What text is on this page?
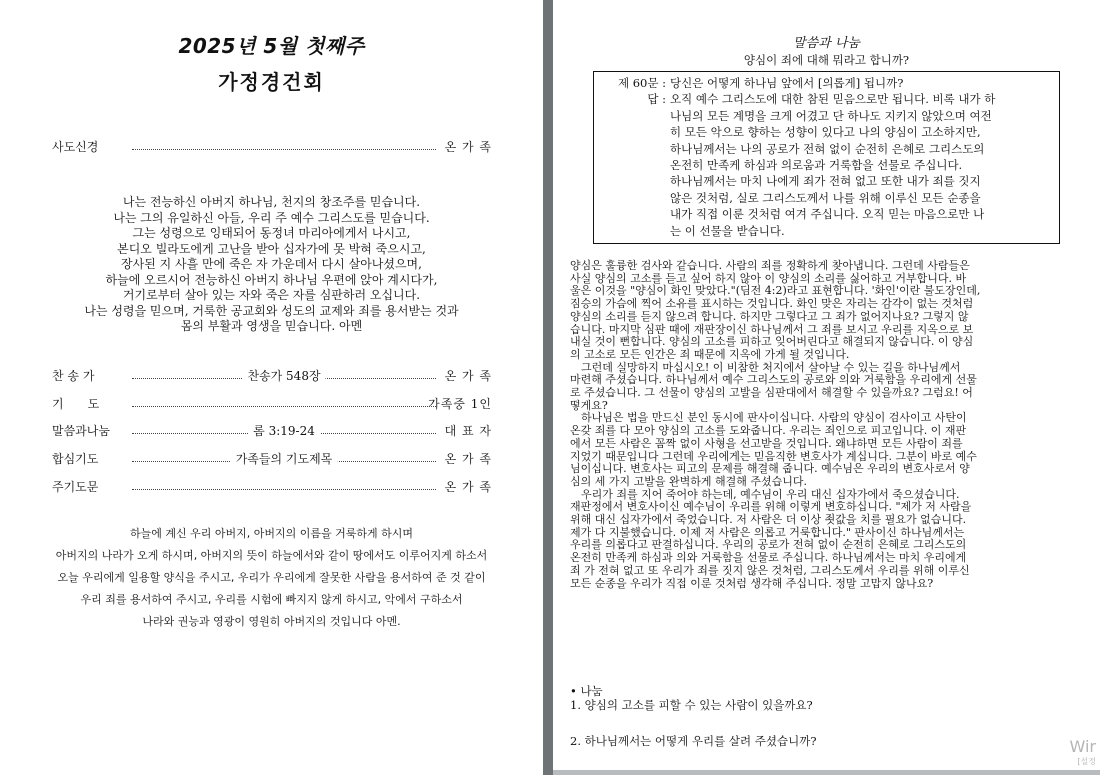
2025년 5월 첫째주
가정경건회
사도신경	온 가 족
나는 전능하신 아버지 하나님, 천지의 창조주를 믿습니다.
나는 그의 유일하신 아들, 우리 주 예수 그리스도를 믿습니다.
그는 성령으로 잉태되어 동정녀 마리아에게서 나시고,
본디오 빌라도에게 고난을 받아 십자가에 못 박혀 죽으시고,
장사된 지 사흘 만에 죽은 자 가운데서 다시 살아나셨으며,
하늘에 오르시어 전능하신 아버지 하나님 우편에 앉아 계시다가,
거기로부터 살아 있는 자와 죽은 자를 심판하러 오십니다.
나는 성령을 믿으며, 거룩한 공교회와 성도의 교제와 죄를 용서받는 것과
몸의 부활과 영생을 믿습니다. 아멘
찬 송 가	찬송가 548장	온 가 족
기　　도	가족중 1인
말씀과나눔	롬 3:19-24	대 표 자
합심기도	가족들의 기도제목	온 가 족
주기도문	온 가 족
하늘에 계신 우리 아버지, 아버지의 이름을 거룩하게 하시며
아버지의 나라가 오게 하시며, 아버지의 뜻이 하늘에서와 같이 땅에서도 이루어지게 하소서
오늘 우리에게 일용할 양식을 주시고, 우리가 우리에게 잘못한 사람을 용서하여 준 것 같이
우리 죄를 용서하여 주시고, 우리를 시험에 빠지지 않게 하시고, 악에서 구하소서
나라와 권능과 영광이 영원히 아버지의 것입니다 아멘.
말씀과 나눔
양심이 죄에 대해 뭐라고 합니까?
제 60문 : 당신은 어떻게 하나님 앞에서 [의롭게] 됩니까?
답 : 오직 예수 그리스도에 대한 참된 믿음으로만 됩니다. 비록 내가 하
나님의 모든 계명을 크게 어겼고 단 하나도 지키지 않았으며 여전
히 모든 악으로 향하는 성향이 있다고 나의 양심이 고소하지만,
하나님께서는 나의 공로가 전혀 없이 순전히 은혜로 그리스도의
온전히 만족케 하심과 의로움과 거룩함을 선물로 주십니다.
하나님께서는 마치 나에게 죄가 전혀 없고 또한 내가 죄를 짓지
않은 것처럼, 실로 그리스도께서 나를 위해 이루신 모든 순종을
내가 직접 이룬 것처럼 여겨 주십니다. 오직 믿는 마음으로만 나
는 이 선물을 받습니다.
양심은 훌륭한 검사와 같습니다. 사람의 죄를 정확하게 찾아냅니다. 그런데 사람들은
사실 양심의 고소를 듣고 싶어 하지 않아 이 양심의 소리를 싫어하고 거부합니다. 바
울은 이것을 "양심이 화인 맞았다."(딤전 4:2)라고 표현합니다. '화인'이란 불도장인데,
짐승의 가슴에 찍어 소유를 표시하는 것입니다. 화인 맞은 자리는 감각이 없는 것처럼
양심의 소리를 듣지 않으려 합니다. 하지만 그렇다고 그 죄가 없어지나요? 그렇지 않
습니다. 마지막 심판 때에 재판장이신 하나님께서 그 죄를 보시고 우리를 지옥으로 보
내실 것이 뻔합니다. 양심의 고소를 피하고 잊어버린다고 해결되지 않습니다. 이 양심
의 고소로 모든 인간은 죄 때문에 지옥에 가게 될 것입니다.
　그런데 실망하지 마십시오! 이 비참한 처지에서 살아날 수 있는 길을 하나님께서
마련해 주셨습니다. 하나님께서 예수 그리스도의 공로와 의와 거룩함을 우리에게 선물
로 주셨습니다. 그 선물이 양심의 고발을 심판대에서 해결할 수 있을까요? 그럼요! 어
떻게요?
　하나님은 법을 만드신 분인 동시에 판사이십니다. 사람의 양심이 검사이고 사탄이
온갖 죄를 다 모아 양심의 고소를 도와줍니다. 우리는 죄인으로 피고입니다. 이 재판
에서 모든 사람은 꼼짝 없이 사형을 선고받을 것입니다. 왜냐하면 모든 사람이 죄를
지었기 때문입니다 그런데 우리에게는 믿음직한 변호사가 계십니다. 그분이 바로 예수
님이십니다. 변호사는 피고의 문제를 해결해 줍니다. 예수님은 우리의 변호사로서 양
심의 세 가지 고발을 완벽하게 해결해 주셨습니다.
　우리가 죄를 지어 죽어야 하는데, 예수님이 우리 대신 십자가에서 죽으셨습니다.
재판정에서 변호사이신 예수님이 우리를 위해 이렇게 변호하십니다. "제가 저 사람을
위해 대신 십자가에서 죽었습니다. 저 사람은 더 이상 죗값을 치를 필요가 없습니다.
제가 다 지불했습니다. 이제 저 사람은 의롭고 거룩합니다." 판사이신 하나님께서는
우리를 의롭다고 판결하십니다. 우리의 공로가 전혀 없이 순전히 은혜로 그리스도의
온전히 만족케 하심과 의와 거룩함을 선물로 주십니다. 하나님께서는 마치 우리에게
죄 가 전혀 없고 또 우리가 죄를 짓지 않은 것처럼, 그리스도께서 우리를 위해 이루신
모든 순종을 우리가 직접 이룬 것처럼 생각해 주십니다. 정말 고맙지 않나요?
• 나눔
1. 양심의 고소를 피할 수 있는 사람이 있을까요?
2. 하나님께서는 어떻게 우리를 살려 주셨습니까?	Wir
[설정
